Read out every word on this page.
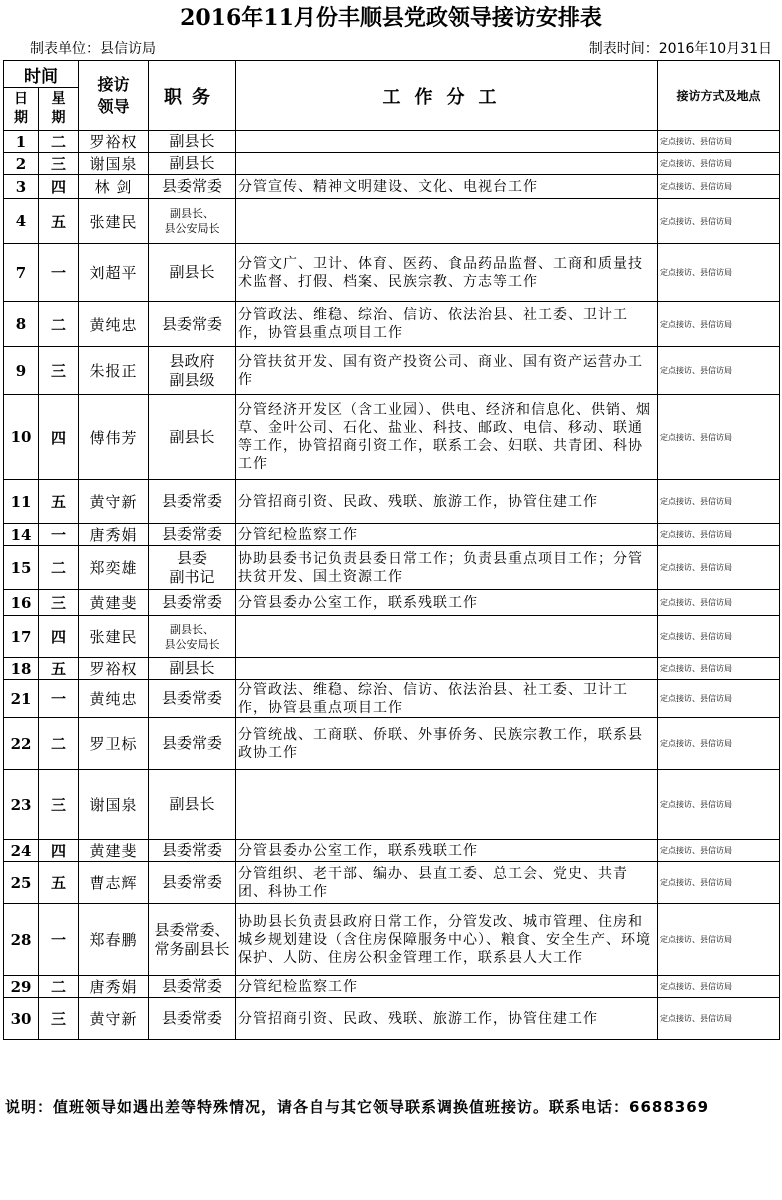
2016年11月份丰顺县党政领导接访安排表
制表单位：县信访局	制表时间：2016年10月31日
时间		接访领导	职务	工作分工	接访方式及地点

日期	星期				

1	二	罗裕权	副县长		定点接访、县信访局
2	三	谢国泉	副县长		定点接访、县信访局
3	四	林 剑	县委常委	分管宣传、精神文明建设、文化、电视台工作	定点接访、县信访局
4	五	张建民	副县长、
县公安局长		定点接访、县信访局
7	一	刘超平	副县长	分管文广、卫计、体育、医药、食品药品监督、工商和质量技术监督、打假、档案、民族宗教、方志等工作	定点接访、县信访局
8	二	黄纯忠	县委常委	分管政法、维稳、综治、信访、依法治县、社工委、卫计工作，协管县重点项目工作	定点接访、县信访局
9	三	朱报正	县政府
副县级	分管扶贫开发、国有资产投资公司、商业、国有资产运营办工作	定点接访、县信访局
10	四	傅伟芳	副县长	分管经济开发区（含工业园）、供电、经济和信息化、供销、烟草、金叶公司、石化、盐业、科技、邮政、电信、移动、联通等工作，协管招商引资工作，联系工会、妇联、共青团、科协工作	定点接访、县信访局
11	五	黄守新	县委常委	分管招商引资、民政、残联、旅游工作，协管住建工作	定点接访、县信访局
14	一	唐秀娟	县委常委	分管纪检监察工作	定点接访、县信访局
15	二	郑奕雄	县委
副书记	协助县委书记负责县委日常工作；负责县重点项目工作；分管扶贫开发、国土资源工作	定点接访、县信访局
16	三	黄建斐	县委常委	分管县委办公室工作，联系残联工作	定点接访、县信访局
17	四	张建民	副县长、
县公安局长		定点接访、县信访局
18	五	罗裕权	副县长		定点接访、县信访局
21	一	黄纯忠	县委常委	分管政法、维稳、综治、信访、依法治县、社工委、卫计工作，协管县重点项目工作	定点接访、县信访局
22	二	罗卫标	县委常委	分管统战、工商联、侨联、外事侨务、民族宗教工作，联系县政协工作	定点接访、县信访局
23	三	谢国泉	副县长		定点接访、县信访局
24	四	黄建斐	县委常委	分管县委办公室工作，联系残联工作	定点接访、县信访局
25	五	曹志辉	县委常委	分管组织、老干部、编办、县直工委、总工会、党史、共青团、科协工作	定点接访、县信访局
28	一	郑春鹏	县委常委、
常务副县长	协助县长负责县政府日常工作，分管发改、城市管理、住房和城乡规划建设（含住房保障服务中心）、粮食、安全生产、环境保护、人防、住房公积金管理工作，联系县人大工作	定点接访、县信访局
29	二	唐秀娟	县委常委	分管纪检监察工作	定点接访、县信访局
30	三	黄守新	县委常委	分管招商引资、民政、残联、旅游工作，协管住建工作	定点接访、县信访局
说明：值班领导如遇出差等特殊情况，请各自与其它领导联系调换值班接访。联系电话：6688369
